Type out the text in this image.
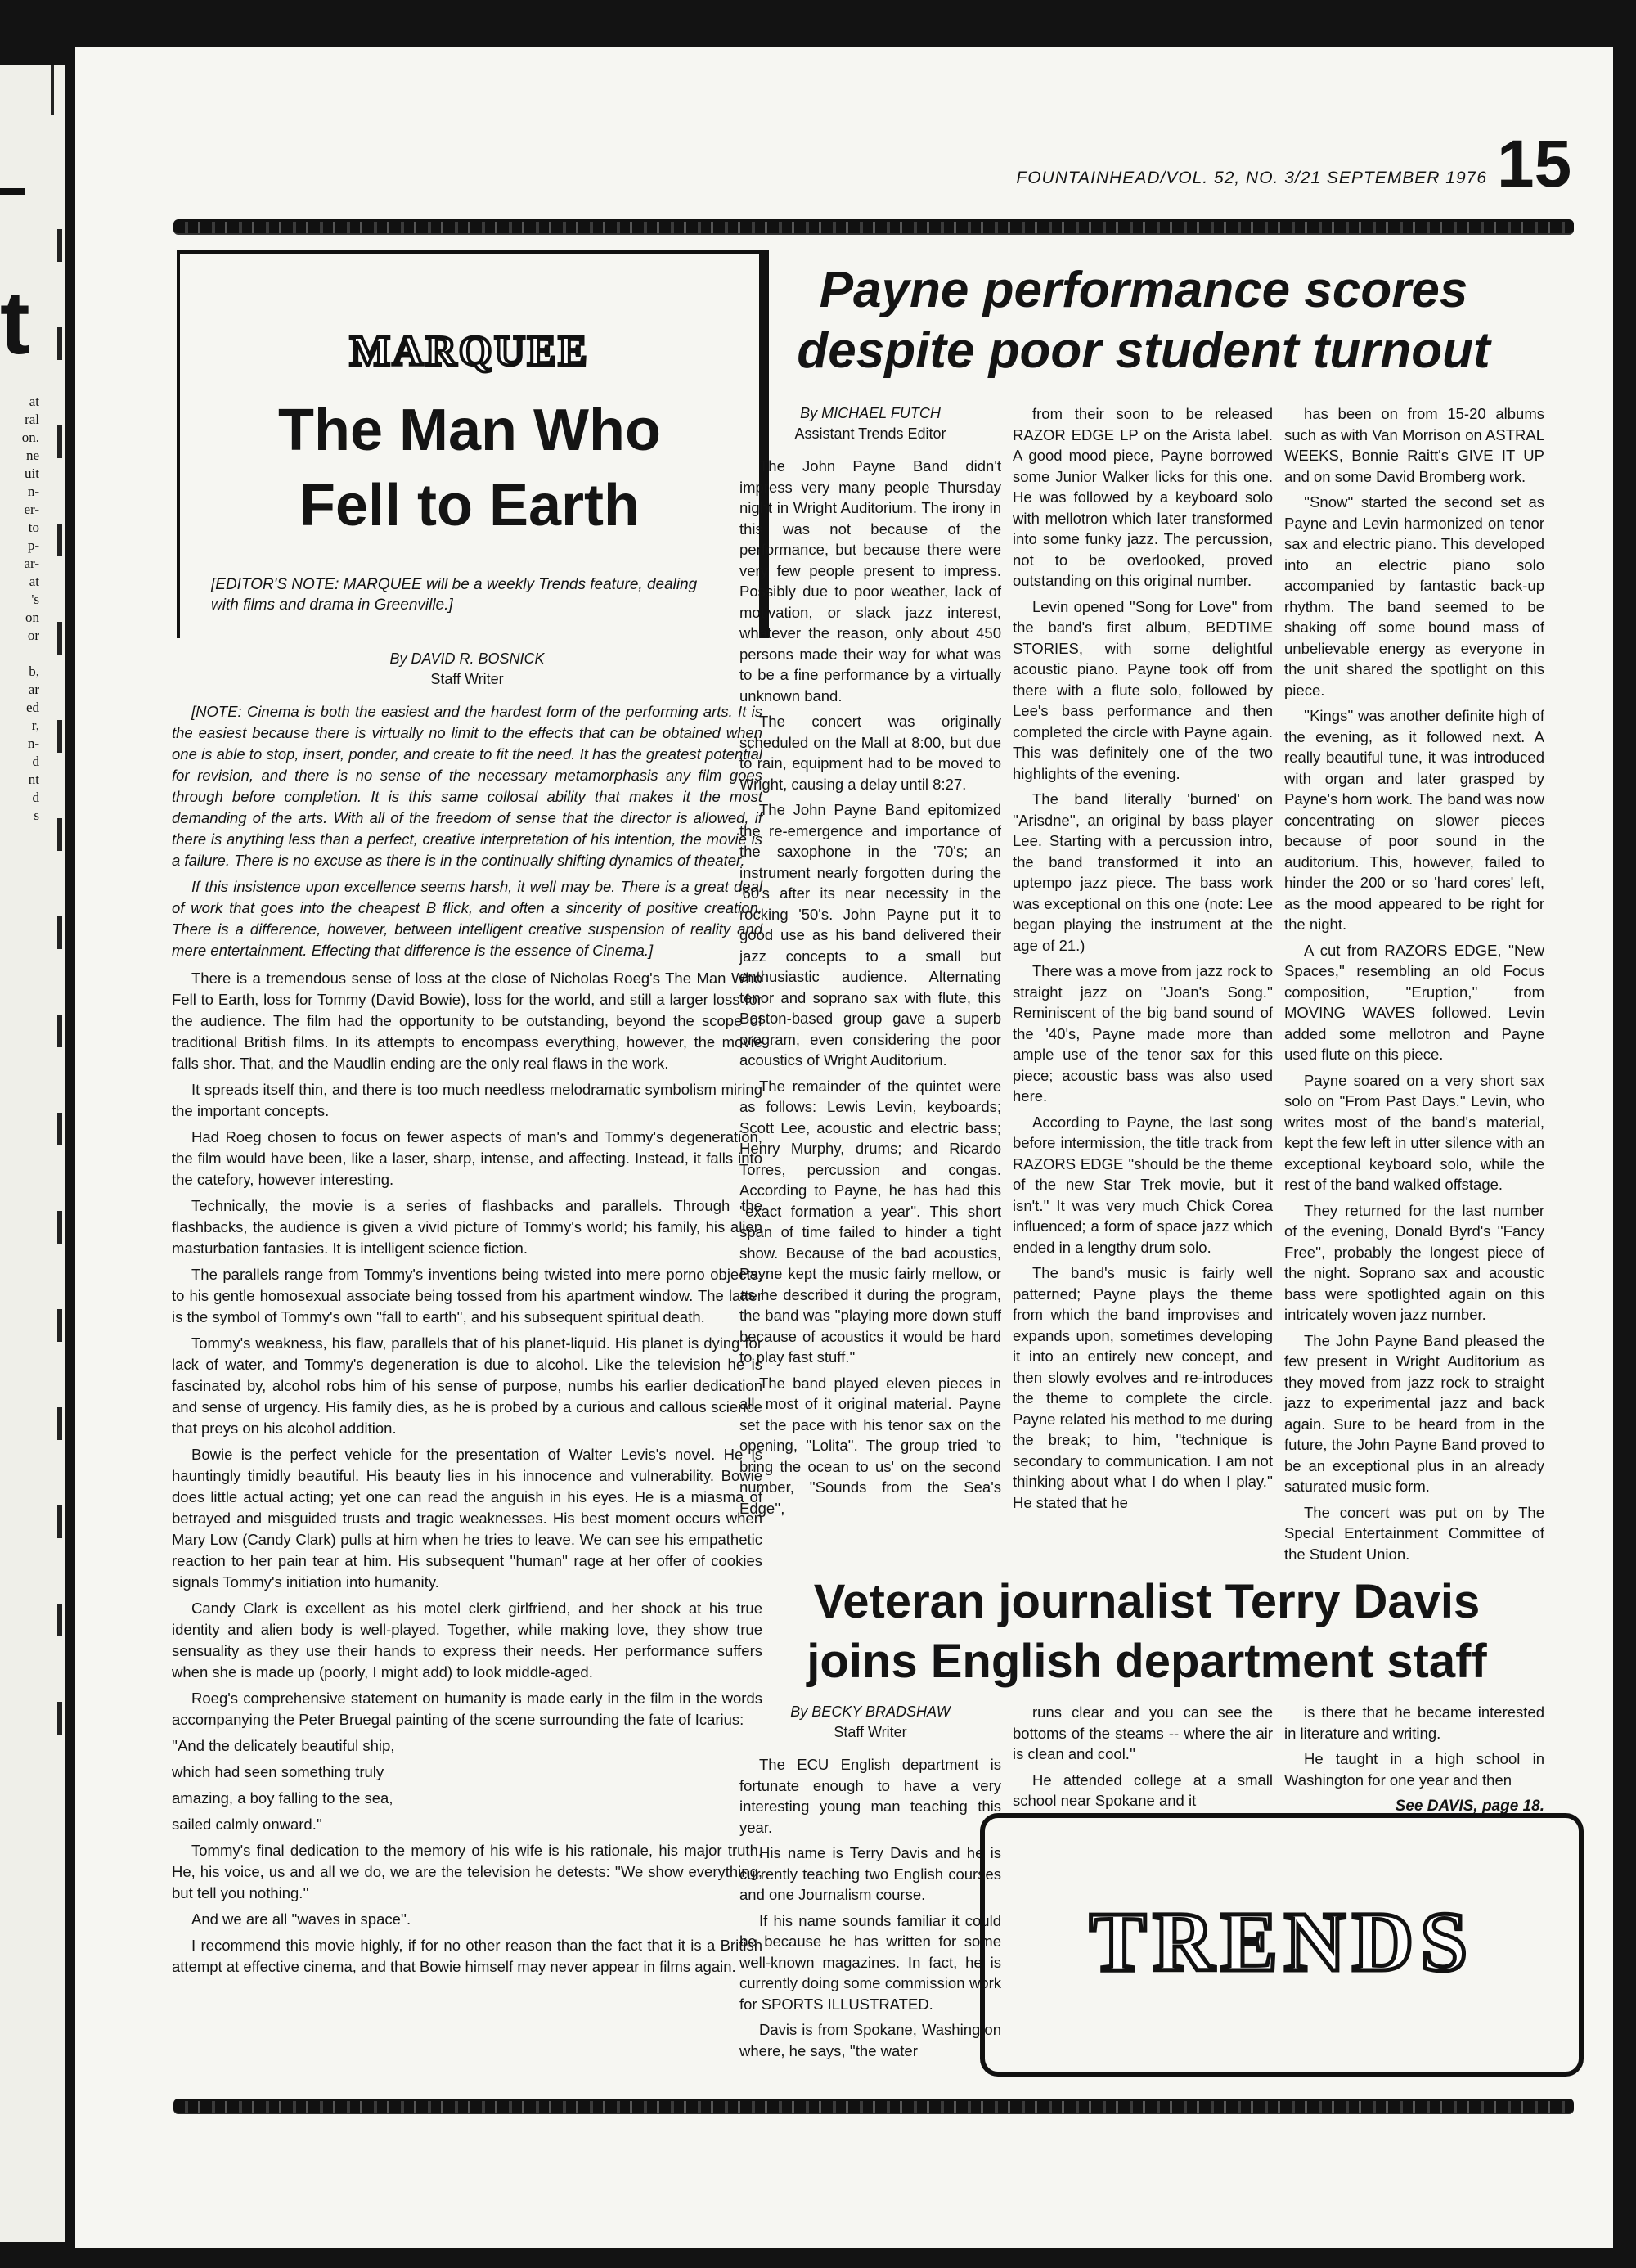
t
at
ral
on.
ne
uit
n-
er-
to
p-
ar-
at
's
on
or

b,
ar
ed
r,
n-
d
nt
d
s
FOUNTAINHEAD/VOL. 52, NO. 3/21 SEPTEMBER 1976 15
MARQUEE
The Man Who
Fell to Earth
[EDITOR'S NOTE: MARQUEE will be a weekly Trends feature, dealing with films and drama in Greenville.]
By DAVID R. BOSNICK
Staff Writer

[NOTE: Cinema is both the easiest and the hardest form of the performing arts. It is the easiest because there is virtually no limit to the effects that can be obtained when one is able to stop, insert, ponder, and create to fit the need. It has the greatest potential for revision, and there is no sense of the necessary metamorphasis any film goes through before completion. It is this same collosal ability that makes it the most demanding of the arts. With all of the freedom of sense that the director is allowed, if there is anything less than a perfect, creative interpretation of his intention, the movie is a failure. There is no excuse as there is in the continually shifting dynamics of theater.

If this insistence upon excellence seems harsh, it well may be. There is a great deal of work that goes into the cheapest B flick, and often a sincerity of positive creation. There is a difference, however, between intelligent creative suspension of reality and mere entertainment. Effecting that difference is the essence of Cinema.]

There is a tremendous sense of loss at the close of Nicholas Roeg's The Man Who Fell to Earth, loss for Tommy (David Bowie), loss for the world, and still a larger loss for the audience. The film had the opportunity to be outstanding, beyond the scope of traditional British films. In its attempts to encompass everything, however, the movie falls shor. That, and the Maudlin ending are the only real flaws in the work.

It spreads itself thin, and there is too much needless melodramatic symbolism miring the important concepts.

Had Roeg chosen to focus on fewer aspects of man's and Tommy's degeneration, the film would have been, like a laser, sharp, intense, and affecting. Instead, it falls into the catefory, however interesting.

Technically, the movie is a series of flashbacks and parallels. Through the flashbacks, the audience is given a vivid picture of Tommy's world; his family, his alien masturbation fantasies. It is intelligent science fiction.

The parallels range from Tommy's inventions being twisted into mere porno objects, to his gentle homosexual associate being tossed from his apartment window. The latter is the symbol of Tommy's own ''fall to earth'', and his subsequent spiritual death.

Tommy's weakness, his flaw, parallels that of his planet-liquid. His planet is dying for lack of water, and Tommy's degeneration is due to alcohol. Like the television he is fascinated by, alcohol robs him of his sense of purpose, numbs his earlier dedication and sense of urgency. His family dies, as he is probed by a curious and callous science that preys on his alcohol addition.

Bowie is the perfect vehicle for the presentation of Walter Levis's novel. He is hauntingly timidly beautiful. His beauty lies in his innocence and vulnerability. Bowie does little actual acting; yet one can read the anguish in his eyes. He is a miasma of betrayed and misguided trusts and tragic weaknesses. His best moment occurs when Mary Low (Candy Clark) pulls at him when he tries to leave. We can see his empathetic reaction to her pain tear at him. His subsequent ''human'' rage at her offer of cookies signals Tommy's initiation into humanity.

Candy Clark is excellent as his motel clerk girlfriend, and her shock at his true identity and alien body is well-played. Together, while making love, they show true sensuality as they use their hands to express their needs. Her performance suffers when she is made up (poorly, I might add) to look middle-aged.

Roeg's comprehensive statement on humanity is made early in the film in the words accompanying the Peter Bruegal painting of the scene surrounding the fate of Icarius:

''And the delicately beautiful ship,

which had seen something truly

amazing, a boy falling to the sea,

sailed calmly onward.''

Tommy's final dedication to the memory of his wife is his rationale, his major truth. He, his voice, us and all we do, we are the television he detests: ''We show everything, but tell you nothing.''

And we are all ''waves in space''.

I recommend this movie highly, if for no other reason than the fact that it is a British attempt at effective cinema, and that Bowie himself may never appear in films again.

Payne performance scores
despite poor student turnout
By MICHAEL FUTCH
Assistant Trends Editor

The John Payne Band didn't impress very many people Thursday night in Wright Auditorium. The irony in this was not because of the performance, but because there were very few people present to impress. Possibly due to poor weather, lack of motivation, or slack jazz interest, whatever the reason, only about 450 persons made their way for what was to be a fine performance by a virtually unknown band.

The concert was originally scheduled on the Mall at 8:00, but due to rain, equipment had to be moved to Wright, causing a delay until 8:27.

The John Payne Band epitomized the re-emergence and importance of the saxophone in the '70's; an instrument nearly forgotten during the '60's after its near necessity in the rocking '50's. John Payne put it to good use as his band delivered their jazz concepts to a small but enthusiastic audience. Alternating tenor and soprano sax with flute, this Boston-based group gave a superb program, even considering the poor acoustics of Wright Auditorium.

The remainder of the quintet were as follows: Lewis Levin, keyboards; Scott Lee, acoustic and electric bass; Henry Murphy, drums; and Ricardo Torres, percussion and congas. According to Payne, he has had this ''exact formation a year''. This short span of time failed to hinder a tight show. Because of the bad acoustics, Payne kept the music fairly mellow, or as he described it during the program, the band was ''playing more down stuff because of acoustics it would be hard to play fast stuff.''

The band played eleven pieces in all, most of it original material. Payne set the pace with his tenor sax on the opening, ''Lolita''. The group tried 'to bring the ocean to us' on the second number, ''Sounds from the Sea's Edge'',

from their soon to be released RAZOR EDGE LP on the Arista label. A good mood piece, Payne borrowed some Junior Walker licks for this one. He was followed by a keyboard solo with mellotron which later transformed into some funky jazz. The percussion, not to be overlooked, proved outstanding on this original number.

Levin opened ''Song for Love'' from the band's first album, BEDTIME STORIES, with some delightful acoustic piano. Payne took off from there with a flute solo, followed by Lee's bass performance and then completed the circle with Payne again. This was definitely one of the two highlights of the evening.

The band literally 'burned' on ''Arisdne'', an original by bass player Lee. Starting with a percussion intro, the band transformed it into an uptempo jazz piece. The bass work was exceptional on this one (note: Lee began playing the instrument at the age of 21.)

There was a move from jazz rock to straight jazz on ''Joan's Song.'' Reminiscent of the big band sound of the '40's, Payne made more than ample use of the tenor sax for this piece; acoustic bass was also used here.

According to Payne, the last song before intermission, the title track from RAZORS EDGE ''should be the theme of the new Star Trek movie, but it isn't.'' It was very much Chick Corea influenced; a form of space jazz which ended in a lengthy drum solo.

The band's music is fairly well patterned; Payne plays the theme from which the band improvises and expands upon, sometimes developing it into an entirely new concept, and then slowly evolves and re-introduces the theme to complete the circle. Payne related his method to me during the break; to him, ''technique is secondary to communication. I am not thinking about what I do when I play.'' He stated that he

has been on from 15-20 albums such as with Van Morrison on ASTRAL WEEKS, Bonnie Raitt's GIVE IT UP and on some David Bromberg work.

''Snow'' started the second set as Payne and Levin harmonized on tenor sax and electric piano. This developed into an electric piano solo accompanied by fantastic back-up rhythm. The band seemed to be shaking off some bound mass of unbelievable energy as everyone in the unit shared the spotlight on this piece.

''Kings'' was another definite high of the evening, as it followed next. A really beautiful tune, it was introduced with organ and later grasped by Payne's horn work. The band was now concentrating on slower pieces because of poor sound in the auditorium. This, however, failed to hinder the 200 or so 'hard cores' left, as the mood appeared to be right for the night.

A cut from RAZORS EDGE, ''New Spaces,'' resembling an old Focus composition, ''Eruption,'' from MOVING WAVES followed. Levin added some mellotron and Payne used flute on this piece.

Payne soared on a very short sax solo on ''From Past Days.'' Levin, who writes most of the band's material, kept the few left in utter silence with an exceptional keyboard solo, while the rest of the band walked offstage.

They returned for the last number of the evening, Donald Byrd's ''Fancy Free'', probably the longest piece of the night. Soprano sax and acoustic bass were spotlighted again on this intricately woven jazz number.

The John Payne Band pleased the few present in Wright Auditorium as they moved from jazz rock to straight jazz to experimental jazz and back again. Sure to be heard from in the future, the John Payne Band proved to be an exceptional plus in an already saturated music form.

The concert was put on by The Special Entertainment Committee of the Student Union.

Veteran journalist Terry Davis
joins English department staff
By BECKY BRADSHAW
Staff Writer

The ECU English department is fortunate enough to have a very interesting young man teaching this year.

His name is Terry Davis and he is currently teaching two English courses and one Journalism course.

If his name sounds familiar it could be because he has written for some well-known magazines. In fact, he is currently doing some commission work for SPORTS ILLUSTRATED.

Davis is from Spokane, Washington where, he says, ''the water

runs clear and you can see the bottoms of the steams -- where the air is clean and cool.''

He attended college at a small school near Spokane and it

is there that he became interested in literature and writing.

He taught in a high school in Washington for one year and then

See DAVIS, page 18.
TRENDS
